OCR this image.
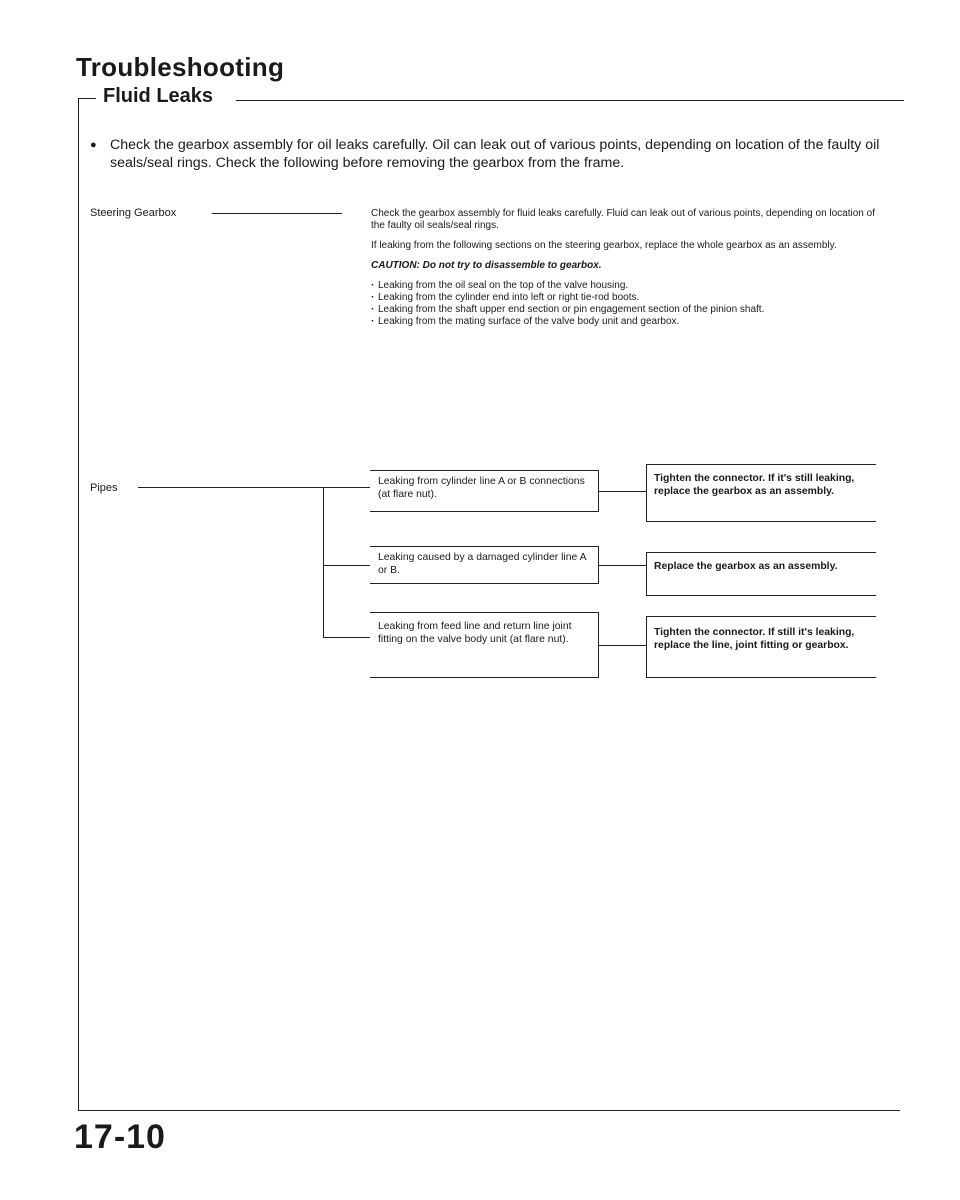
Troubleshooting
Fluid Leaks
● Check the gearbox assembly for oil leaks carefully. Oil can leak out of various points, depending on location of the faulty oil seals/seal rings. Check the following before removing the gearbox from the frame.

Steering Gearbox	Check the gearbox assembly for fluid leaks carefully. Fluid can leak out of various points, depending on location of the faulty oil seals/seal rings.

If leaking from the following sections on the steering gearbox, replace the whole gearbox as an assembly.

CAUTION: Do not try to disassemble to gearbox.

· Leaking from the oil seal on the top of the valve housing.
· Leaking from the cylinder end into left or right tie-rod boots.
· Leaking from the shaft upper end section or pin engagement section of the pinion shaft.
· Leaking from the mating surface of the valve body unit and gearbox.
Pipes
Leaking from cylinder line A or B connections (at flare nut).
Tighten the connector. If it's still leaking, replace the gearbox as an assembly.
Leaking caused by a damaged cylinder line A or B.	Replace the gearbox as an assembly.
Leaking from feed line and return line joint fitting on the valve body unit (at flare nut).
Tighten the connector. If still it's leaking, replace the line, joint fitting or gearbox.
17-10
